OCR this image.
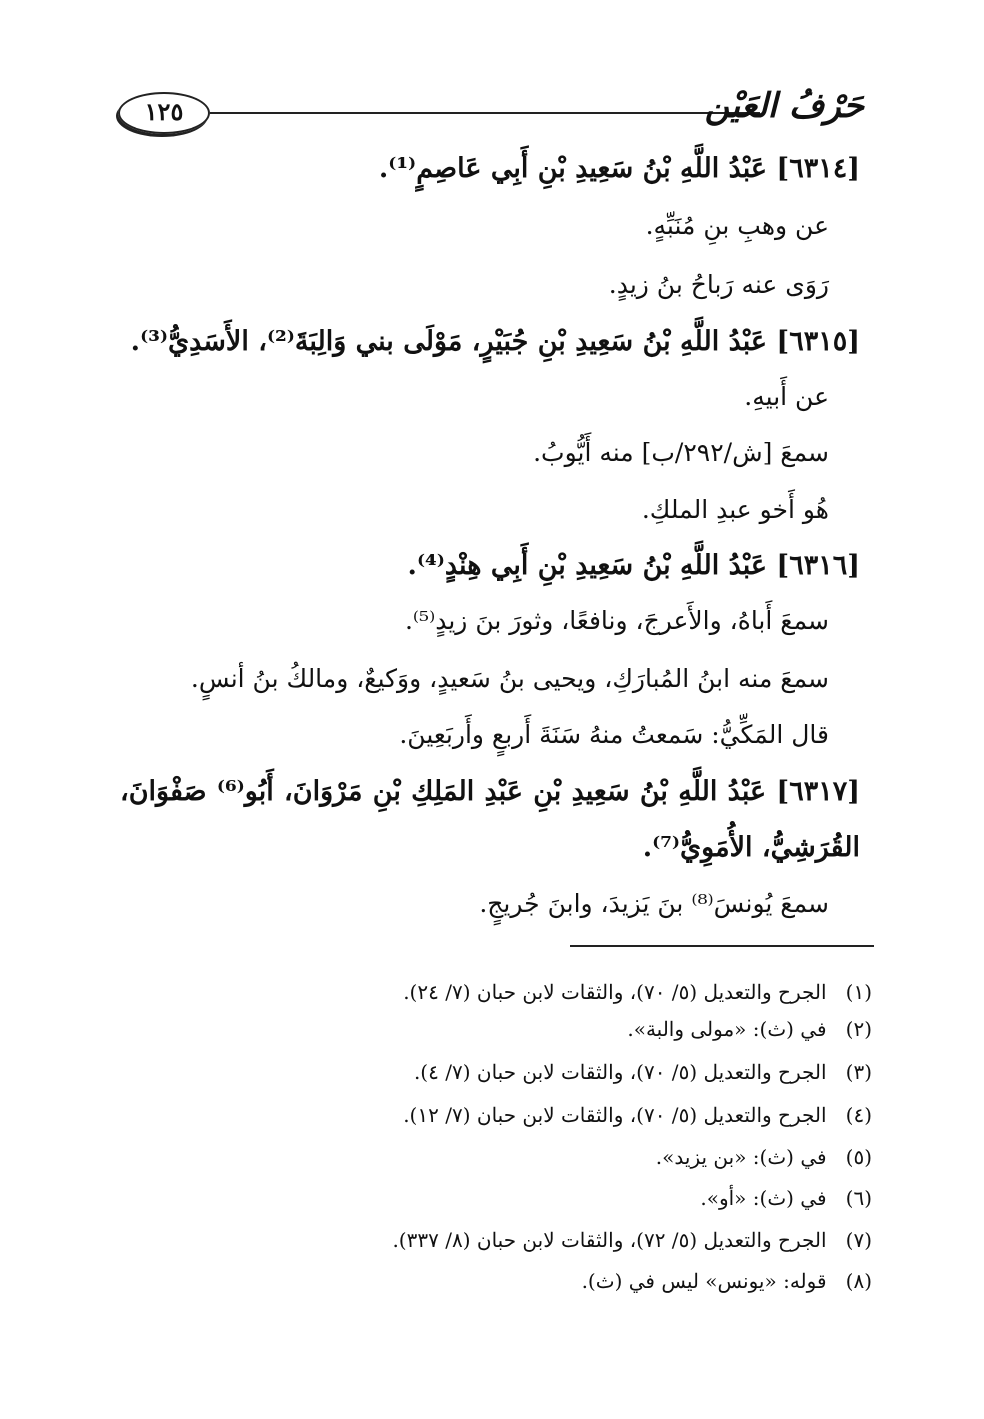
١٢٥	حَرْفُ العَيْن
[٦٣١٤] عَبْدُ اللَّهِ بْنُ سَعِيدِ بْنِ أَبِي عَاصِمٍ⁽¹⁾.
عن وهبِ بنِ مُنَبِّهٍ.
رَوَى عنه رَباحُ بنُ زيدٍ.
[٦٣١٥] عَبْدُ اللَّهِ بْنُ سَعِيدِ بْنِ جُبَيْرٍ، مَوْلَى بني وَالِبَةَ⁽²⁾، الأَسَدِيُّ⁽³⁾.
عن أَبيهِ.
سمعَ [ش/٢٩٢/ب] منه أَيُّوبُ.
هُو أَخو عبدِ الملكِ.
[٦٣١٦] عَبْدُ اللَّهِ بْنُ سَعِيدِ بْنِ أَبِي هِنْدٍ⁽⁴⁾.
سمعَ أَباهُ، والأَعرجَ، ونافعًا، وثورَ بنَ زيدٍ⁽⁵⁾.
سمعَ منه ابنُ المُبارَكِ، ويحيى بنُ سَعيدٍ، ووَكيعٌ، ومالكُ بنُ أنسٍ.
قال المَكِّيُّ: سَمعتُ منهُ سَنَةَ أَربعٍ وأَربَعِينَ.
[٦٣١٧] عَبْدُ اللَّهِ بْنُ سَعِيدِ بْنِ عَبْدِ المَلِكِ بْنِ مَرْوَانَ، أَبُو⁽⁶⁾ صَفْوَانَ،
القُرَشِيُّ، الأُمَوِيُّ⁽⁷⁾.
سمعَ يُونسَ⁽⁸⁾ بنَ يَزيدَ، وابنَ جُريجٍ.
(١)   الجرح والتعديل (٥/ ٧٠)، والثقات لابن حبان (٧/ ٢٤).
(٢)   في (ث): «مولى والبة».
(٣)   الجرح والتعديل (٥/ ٧٠)، والثقات لابن حبان (٧/ ٤).
(٤)   الجرح والتعديل (٥/ ٧٠)، والثقات لابن حبان (٧/ ١٢).
(٥)   في (ث): «بن يزيد».
(٦)   في (ث): «أو».
(٧)   الجرح والتعديل (٥/ ٧٢)، والثقات لابن حبان (٨/ ٣٣٧).
(٨)   قوله: «يونس» ليس في (ث).
